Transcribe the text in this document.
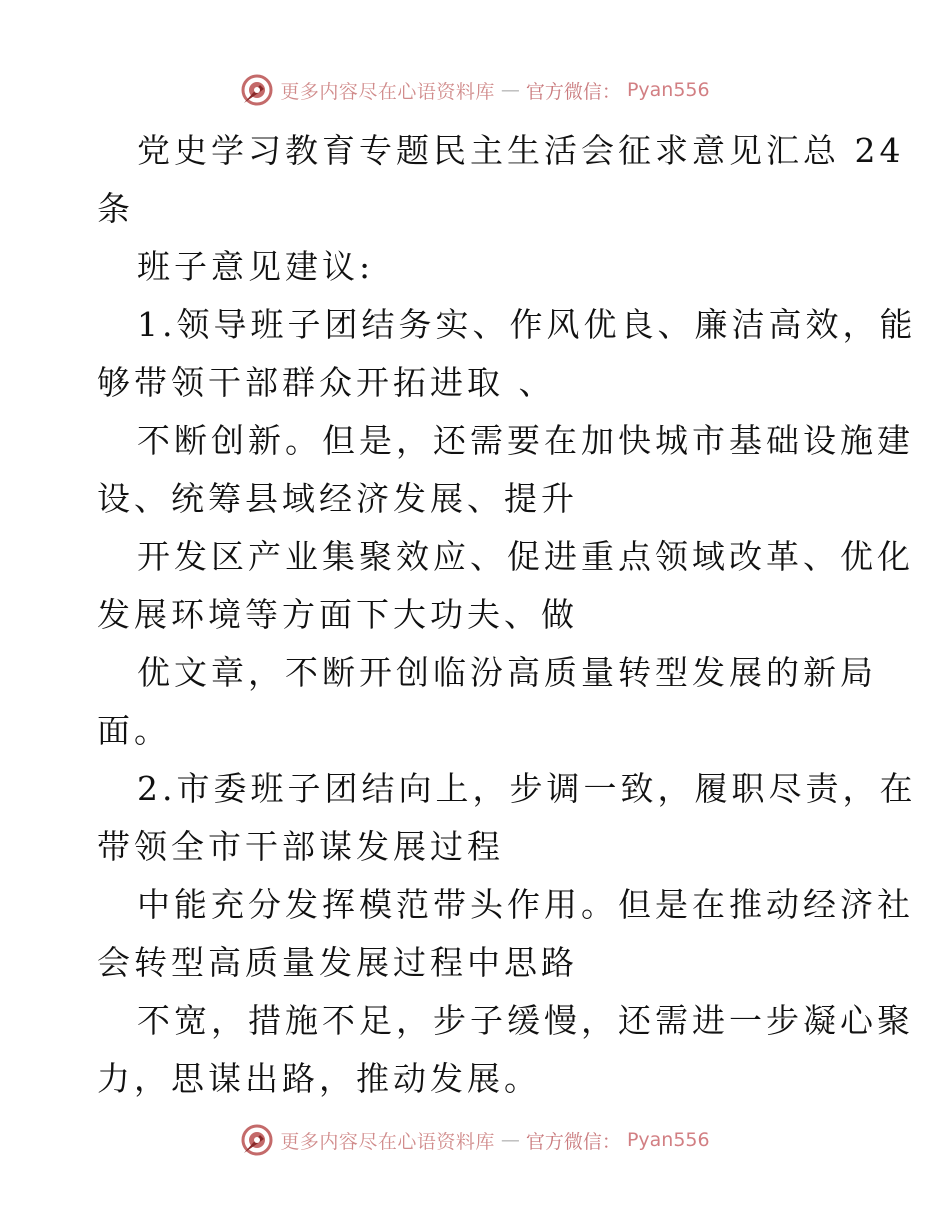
更多内容尽在心语资料库 — 官方微信： Pyan556

党史学习教育专题民主生活会征求意见汇总 24

条

班子意见建议:

1.领导班子团结务实、作风优良、廉洁高效，能

够带领干部群众开拓进取 、

不断创新。但是，还需要在加快城市基础设施建

设、统筹县域经济发展、提升

开发区产业集聚效应、促进重点领域改革、优化

发展环境等方面下大功夫、做

优文章，不断开创临汾高质量转型发展的新局

面。

2.市委班子团结向上，步调一致，履职尽责，在

带领全市干部谋发展过程

中能充分发挥模范带头作用。但是在推动经济社

会转型高质量发展过程中思路

不宽，措施不足，步子缓慢，还需进一步凝心聚

力，思谋出路，推动发展。

更多内容尽在心语资料库 — 官方微信： Pyan556
